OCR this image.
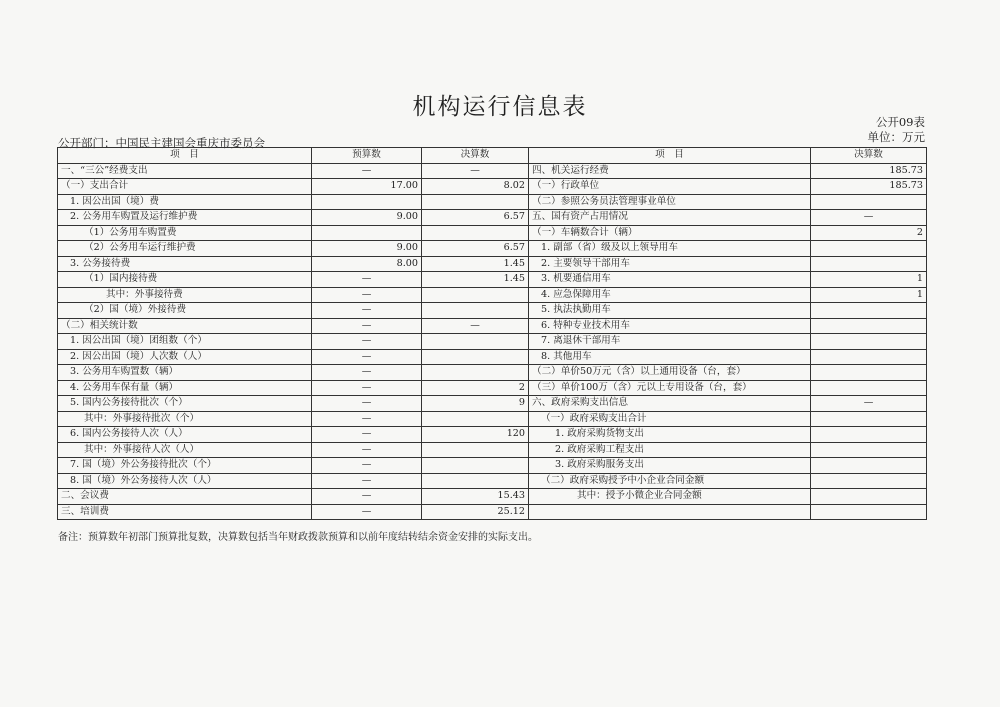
机构运行信息表
公开09表
单位：万元
公开部门：中国民主建国会重庆市委员会
项　目	预算数	决算数	项　目	决算数
一、“三公”经费支出	—	—	四、机关运行经费	185.73
（一）支出合计	17.00	8.02	（一）行政单位	185.73
1. 因公出国（境）费			（二）参照公务员法管理事业单位	
2. 公务用车购置及运行维护费	9.00	6.57	五、国有资产占用情况	—
（1）公务用车购置费			（一）车辆数合计（辆）	2
（2）公务用车运行维护费	9.00	6.57	1. 副部（省）级及以上领导用车	
3. 公务接待费	8.00	1.45	2. 主要领导干部用车	
（1）国内接待费	—	1.45	3. 机要通信用车	1
其中：外事接待费	—		4. 应急保障用车	1
（2）国（境）外接待费	—		5. 执法执勤用车	
（二）相关统计数	—	—	6. 特种专业技术用车	
1. 因公出国（境）团组数（个）	—		7. 离退休干部用车	
2. 因公出国（境）人次数（人）	—		8. 其他用车	
3. 公务用车购置数（辆）	—		（二）单价50万元（含）以上通用设备（台，套）	
4. 公务用车保有量（辆）	—	2	（三）单价100万（含）元以上专用设备（台，套）	
5. 国内公务接待批次（个）	—	9	六、政府采购支出信息	—
其中：外事接待批次（个）	—		（一）政府采购支出合计	
6. 国内公务接待人次（人）	—	120	1. 政府采购货物支出	
其中：外事接待人次（人）	—		2. 政府采购工程支出	
7. 国（境）外公务接待批次（个）	—		3. 政府采购服务支出	
8. 国（境）外公务接待人次（人）	—		（二）政府采购授予中小企业合同金额	
二、会议费	—	15.43	其中：授予小微企业合同金额	
三、培训费	—	25.12		
备注：预算数年初部门预算批复数，决算数包括当年财政拨款预算和以前年度结转结余资金安排的实际支出。
